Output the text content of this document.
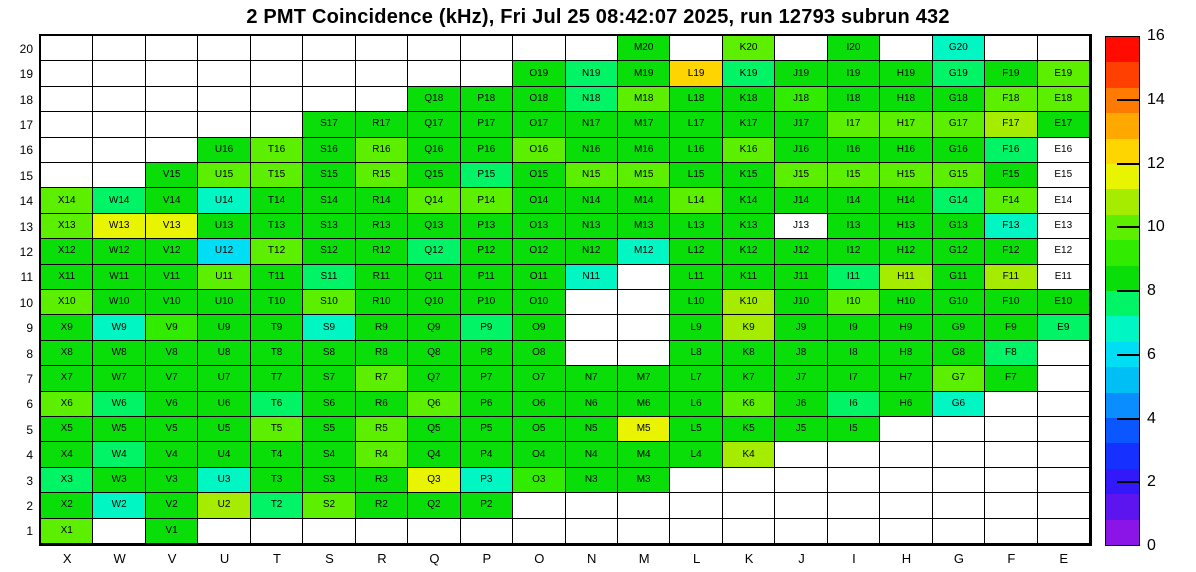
2 PMT Coincidence (kHz), Fri Jul 25 08:42:07 2025, run 12793 subrun 432
M20	K20	I20	G20
O19	N19	M19	L19	K19	J19	I19	H19	G19	F19	E19
Q18	P18	O18	N18	M18	L18	K18	J18	I18	H18	G18	F18	E18
S17	R17	Q17	P17	O17	N17	M17	L17	K17	J17	I17	H17	G17	F17	E17
U16	T16	S16	R16	Q16	P16	O16	N16	M16	L16	K16	J16	I16	H16	G16	F16	E16
V15	U15	T15	S15	R15	Q15	P15	O15	N15	M15	L15	K15	J15	I15	H15	G15	F15	E15
X14	W14	V14	U14	T14	S14	R14	Q14	P14	O14	N14	M14	L14	K14	J14	I14	H14	G14	F14	E14
X13	W13	V13	U13	T13	S13	R13	Q13	P13	O13	N13	M13	L13	K13	J13	I13	H13	G13	F13	E13
X12	W12	V12	U12	T12	S12	R12	Q12	P12	O12	N12	M12	L12	K12	J12	I12	H12	G12	F12	E12
X11	W11	V11	U11	T11	S11	R11	Q11	P11	O11	N11	L11	K11	J11	I11	H11	G11	F11	E11
X10	W10	V10	U10	T10	S10	R10	Q10	P10	O10	L10	K10	J10	I10	H10	G10	F10	E10
X9	W9	V9	U9	T9	S9	R9	Q9	P9	O9	L9	K9	J9	I9	H9	G9	F9	E9
X8	W8	V8	U8	T8	S8	R8	Q8	P8	O8	L8	K8	J8	I8	H8	G8	F8
X7	W7	V7	U7	T7	S7	R7	Q7	P7	O7	N7	M7	L7	K7	J7	I7	H7	G7	F7
X6	W6	V6	U6	T6	S6	R6	Q6	P6	O6	N6	M6	L6	K6	J6	I6	H6	G6
X5	W5	V5	U5	T5	S5	R5	Q5	P5	O5	N5	M5	L5	K5	J5	I5
X4	W4	V4	U4	T4	S4	R4	Q4	P4	O4	N4	M4	L4	K4
X3	W3	V3	U3	T3	S3	R3	Q3	P3	O3	N3	M3
X2	W2	V2	U2	T2	S2	R2	Q2	P2
X1	V1
20
19
18
17
16
15
14
13
12
11
10
9
8
7
6
5
4
3
2
1
X	W	V	U	T	S	R	Q	P	O	N	M	L	K	J	I	H	G	F	E
0
2
4
6
8
10
12
14
16
